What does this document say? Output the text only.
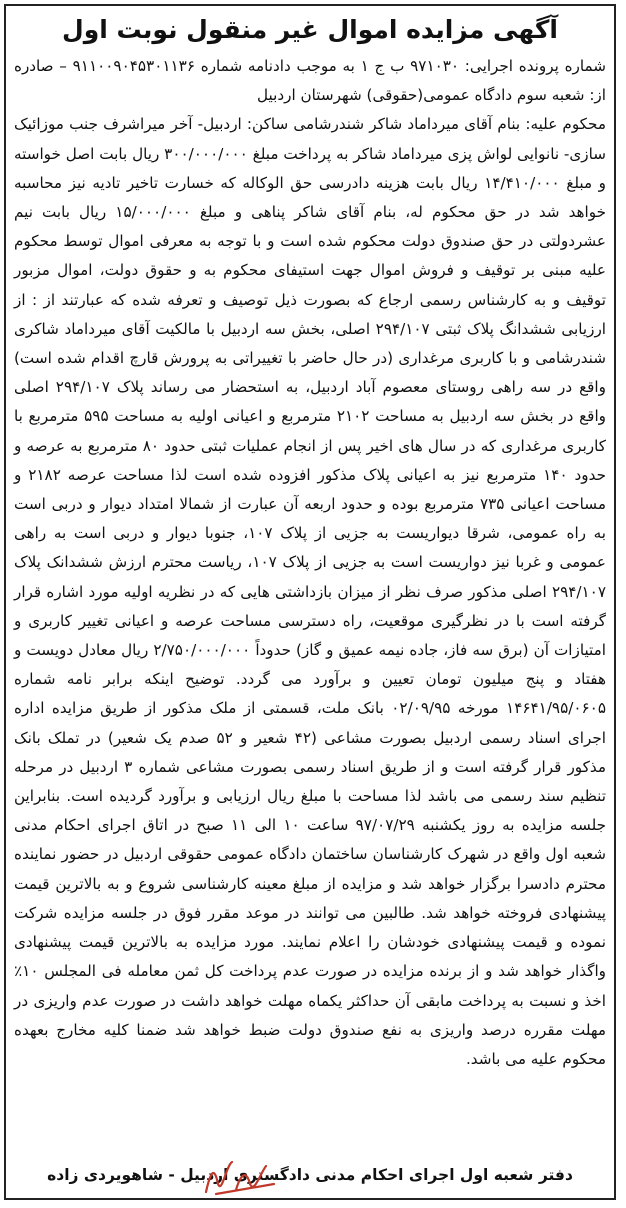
آگهی مزایده اموال غیر منقول نوبت اول

شماره پرونده اجرایی: ۹۷۱۰۳۰ ب ج ۱ به موجب دادنامه شماره ۹۱۱۰۰۹۰۴۵۳۰۱۱۳۶ – صادره از: شعبه سوم دادگاه عمومی(حقوقی) شهرستان اردبیل

محکوم علیه: بنام آقای میرداماد شاکر شندرشامی ساکن: اردبیل- آخر میراشرف جنب موزائیک سازی- نانوایی لواش پزی میرداماد شاکر به پرداخت مبلغ ۳۰۰/۰۰۰/۰۰۰ ریال بابت اصل خواسته و مبلغ ۱۴/۴۱۰/۰۰۰ ریال بابت هزینه دادرسی حق الوکاله که خسارت تاخیر تادیه نیز محاسبه خواهد شد در حق محکوم له، بنام آقای شاکر پناهی و مبلغ ۱۵/۰۰۰/۰۰۰ ریال بابت نیم عشردولتی در حق صندوق دولت محکوم شده است و با توجه به معرفی اموال توسط محکوم علیه مبنی بر توقیف و فروش اموال جهت استیفای محکوم به و حقوق دولت، اموال مزبور توقیف و به کارشناس رسمی ارجاع که بصورت ذیل توصیف و تعرفه شده که عبارتند از : از ارزیابی ششدانگ پلاک ثبتی ۲۹۴/۱۰۷ اصلی، بخش سه اردبیل با مالکیت آقای میرداماد شاکری شندرشامی و با کاربری مرغداری (در حال حاضر با تغییراتی به پرورش قارچ اقدام شده است) واقع در سه راهی روستای معصوم آباد اردبیل، به استحضار می رساند پلاک ۲۹۴/۱۰۷ اصلی واقع در بخش سه اردبیل به مساحت ۲۱۰۲ مترمربع و اعیانی اولیه به مساحت ۵۹۵ مترمربع با کاربری مرغداری که در سال های اخیر پس از انجام عملیات ثبتی حدود ۸۰ مترمربع به عرصه و حدود ۱۴۰ مترمربع نیز به اعیانی پلاک مذکور افزوده شده است لذا مساحت عرصه ۲۱۸۲ و مساحت اعیانی ۷۳۵ مترمربع بوده و حدود اربعه آن عبارت از شمالا امتداد دیوار و دربی است به راه عمومی، شرقا دیواریست به جزیی از پلاک ۱۰۷، جنوبا دیوار و دربی است به راهی عمومی و غربا نیز دواریست است به جزیی از پلاک ۱۰۷، ریاست محترم ارزش ششدانک پلاک ۲۹۴/۱۰۷ اصلی مذکور صرف نظر از میزان بازداشتی هایی که در نظریه اولیه مورد اشاره قرار گرفته است با در نظرگیری موقعیت، راه دسترسی مساحت عرصه و اعیانی تغییر کاربری و امتیازات آن (برق سه فاز، جاده نیمه عمیق و گاز) حدوداً ۲/۷۵۰/۰۰۰/۰۰۰ ریال معادل دویست و هفتاد و پنج میلیون تومان تعیین و برآورد می گردد. توضیح اینکه برابر نامه شماره ۱۴۶۴۱/۹۵/۰۶۰۵ مورخه ۰۲/۰۹/۹۵ بانک ملت، قسمتی از ملک مذکور از طریق مزایده اداره اجرای اسناد رسمی اردبیل بصورت مشاعی (۴۲ شعیر و ۵۲ صدم یک شعیر) در تملک بانک مذکور قرار گرفته است و از طریق اسناد رسمی بصورت مشاعی شماره ۳ اردبیل در مرحله تنظیم سند رسمی می باشد لذا مساحت با مبلغ ریال ارزیابی و برآورد گردیده است. بنابراین جلسه مزایده به روز یکشنبه ۹۷/۰۷/۲۹ ساعت ۱۰ الی ۱۱ صبح در اتاق اجرای احکام مدنی شعبه اول واقع در شهرک کارشناسان ساختمان دادگاه عمومی حقوقی اردبیل در حضور نماینده محترم دادسرا برگزار خواهد شد و مزایده از مبلغ معینه کارشناسی شروع و به بالاترین قیمت پیشنهادی فروخته خواهد شد. طالبین می توانند در موعد مقرر فوق در جلسه مزایده شرکت نموده و قیمت پیشنهادی خودشان را اعلام نمایند. مورد مزایده به بالاترین قیمت پیشنهادی واگذار خواهد شد و از برنده مزایده در صورت عدم پرداخت کل ثمن معامله فی المجلس ۱۰٪ اخذ و نسبت به پرداخت مابقی آن حداکثر یکماه مهلت خواهد داشت در صورت عدم واریزی در مهلت مقرره درصد واریزی به نفع صندوق دولت ضبط خواهد شد ضمنا کلیه مخارج بعهده محکوم علیه می باشد.

دفتر شعبه اول اجرای احکام مدنی دادگستری اردبیل - شاهویردی زاده
